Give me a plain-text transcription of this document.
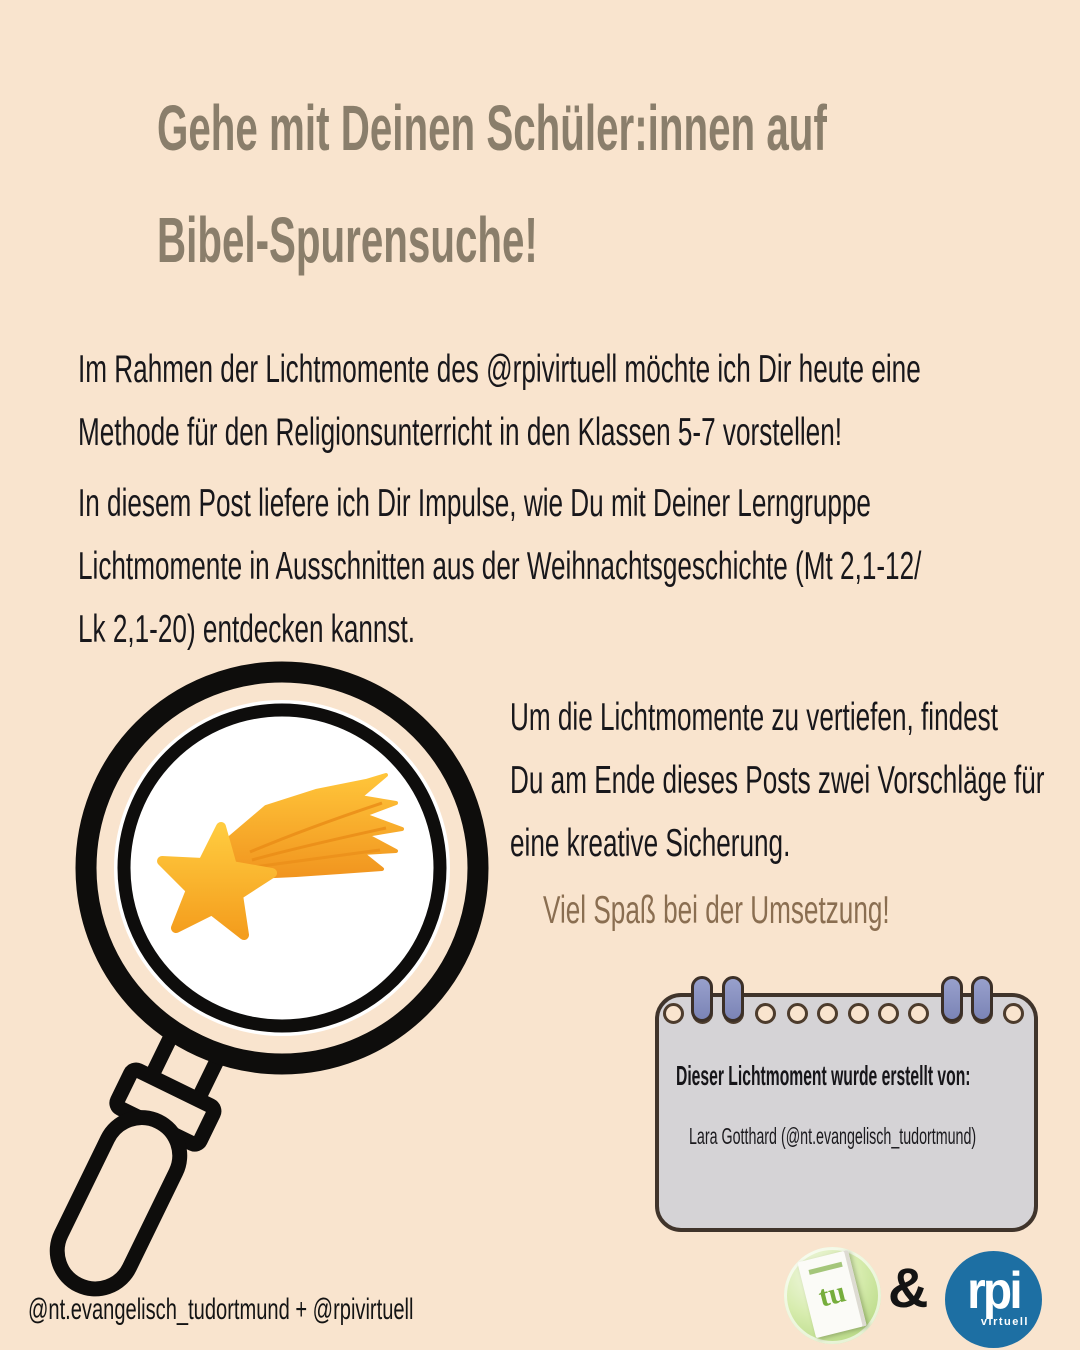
Gehe mit Deinen Schüler:innen auf
Bibel-Spurensuche!
Im Rahmen der Lichtmomente des @rpivirtuell möchte ich Dir heute eine
Methode für den Religionsunterricht in den Klassen 5-7 vorstellen!
In diesem Post liefere ich Dir Impulse, wie Du mit Deiner Lerngruppe
Lichtmomente in Ausschnitten aus der Weihnachtsgeschichte (Mt 2,1-12/
Lk 2,1-20) entdecken kannst.
Um die Lichtmomente zu vertiefen, findest
Du am Ende dieses Posts zwei Vorschläge für
eine kreative Sicherung.
Viel Spaß bei der Umsetzung!
Dieser Lichtmoment wurde erstellt von:
Lara Gotthard (@nt.evangelisch_tudortmund)
tu & rpi
virtuell
@nt.evangelisch_tudortmund + @rpivirtuell
